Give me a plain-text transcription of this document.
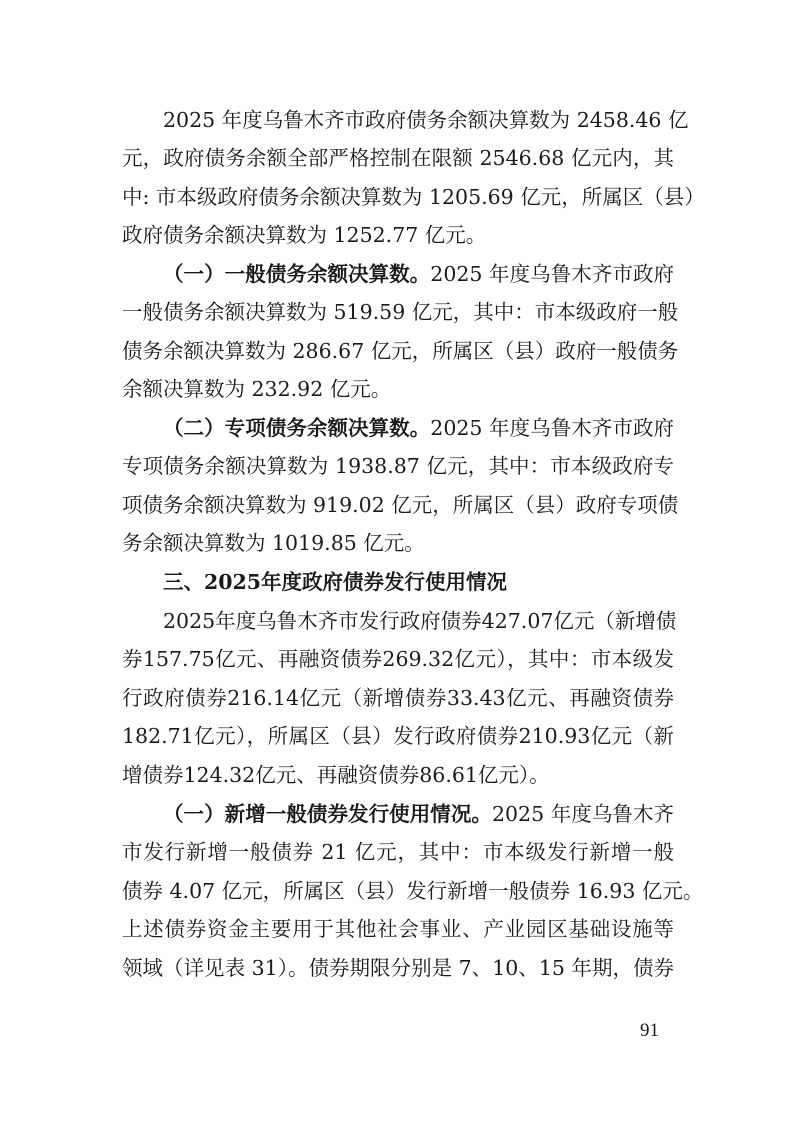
2025 年度乌鲁木齐市政府债务余额决算数为 2458.46 亿
元，政府债务余额全部严格控制在限额 2546.68 亿元内，其
中: 市本级政府债务余额决算数为 1205.69 亿元，所属区（县）
政府债务余额决算数为 1252.77 亿元。
（一）一般债务余额决算数。2025 年度乌鲁木齐市政府
一般债务余额决算数为 519.59 亿元，其中：市本级政府一般
债务余额决算数为 286.67 亿元，所属区（县）政府一般债务
余额决算数为 232.92 亿元。
（二）专项债务余额决算数。2025 年度乌鲁木齐市政府
专项债务余额决算数为 1938.87 亿元，其中：市本级政府专
项债务余额决算数为 919.02 亿元，所属区（县）政府专项债
务余额决算数为 1019.85 亿元。
三、2025年度政府债券发行使用情况
2025年度乌鲁木齐市发行政府债券427.07亿元（新增债
券157.75亿元、再融资债券269.32亿元），其中：市本级发
行政府债券216.14亿元（新增债券33.43亿元、再融资债券
182.71亿元），所属区（县）发行政府债券210.93亿元（新
增债券124.32亿元、再融资债券86.61亿元）。
（一）新增一般债券发行使用情况。2025 年度乌鲁木齐
市发行新增一般债券 21 亿元，其中：市本级发行新增一般
债券 4.07 亿元，所属区（县）发行新增一般债券 16.93 亿元。
上述债券资金主要用于其他社会事业、产业园区基础设施等
领域（详见表 31）。债券期限分别是 7、10、15 年期，债券
91
